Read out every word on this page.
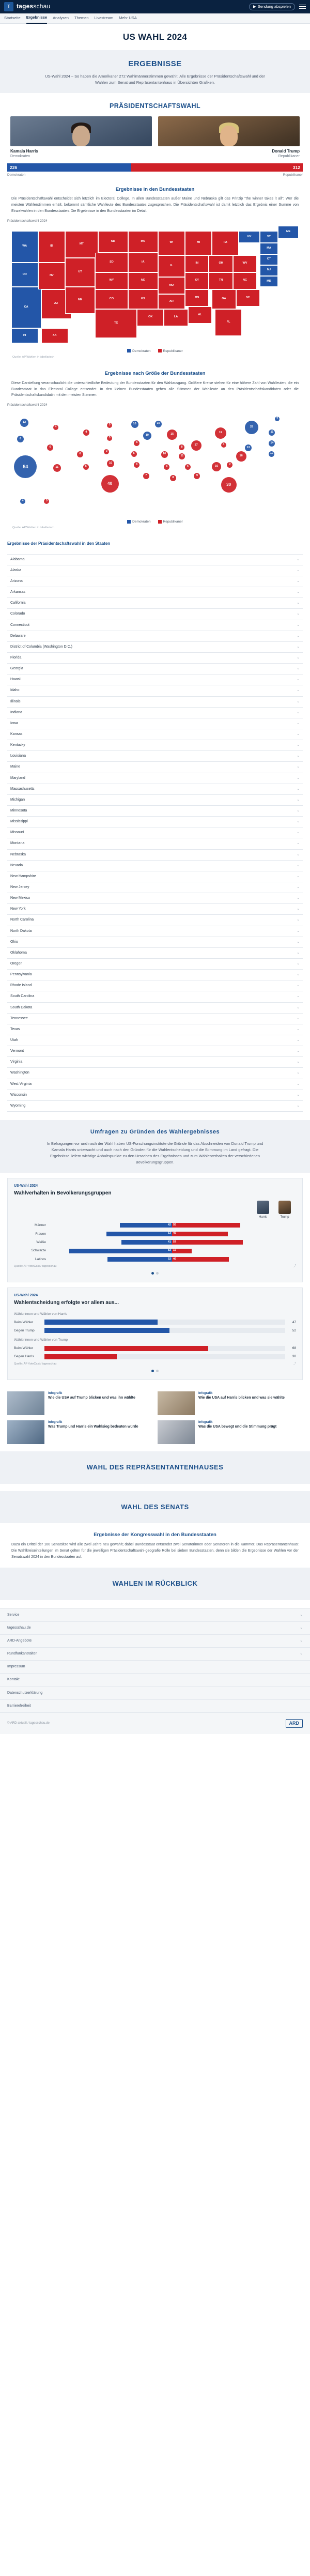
T	tagesschau	▶ Sendung abspielen
Startseite Ergebnisse Analysen Themen Livestream Mehr USA
US WAHL 2024
ERGEBNISSE

US-Wahl 2024 – So haben die Amerikaner 272 Wahlmännerstimmen gewählt. Alle Ergebnisse der Präsidentschaftswahl und der Wahlen zum Senat und Repräsentantenhaus in Übersichten Grafiken.

PRÄSIDENTSCHAFTSWAHL
Kamala Harris
Demokraten
Donald Trump
Republikaner
226	312
Demokraten	Republikaner
Ergebnisse in den Bundesstaaten
Die Präsidentschaftswahl entscheidet sich letztlich im Electoral College. In allen Bundesstaaten außer Maine und Nebraska gilt das Prinzip "the winner takes it all": Wer die meisten Wählerstimmen erhält, bekommt sämtliche Wahlleute des Bundesstaates zugesprochen. Die Präsidentschaftswahl ist damit letztlich das Ergebnis einer Summe von Einzelwahlen in den Bundesstaaten. Die Ergebnisse in den Bundesstaaten im Detail.
Präsidentschaftswahl 2024
WA
OR
CA
ID
NV
AZ
MT
UT
NM
ND
SD
WY
CO
TX
MN
IA
NE
KS
OK
WI
IL
MO
AR
LA
MI
IN
KY
MS
AL
OH
TN
GA
FL
PA
WV
NC
SC
NY	VT
ME
MA
CT
NJ
MD
HI	AK
Demokraten	Republikaner
Quelle: AP/Wahlen in tabellarisch
Ergebnisse nach Größe der Bundesstaaten
Diese Darstellung veranschaulicht die unterschiedliche Bedeutung der Bundesstaaten für den Wahlausgang. Größere Kreise stehen für eine höhere Zahl von Wahlleuten, die ein Bundesstaat in das Electoral College entsendet. In den kleinen Bundesstaaten gehen alle Stimmen der Wahlleute an den Präsidentschaftskandidaten oder die Präsidentschaftskandidatin mit den meisten Stimmen.
Präsidentschaftswahl 2024
54
40	30
28
19
17
15
16
16
19
4
4
12
8
6
11
6
5
3
3
3
10
10
6
5
6
7
10
6
8
11
6
9
10
8
4
13
9
11
14
10
4
4	3
Demokraten	Republikaner
Quelle: AP/Wahlen in tabellarisch
Ergebnisse der Präsidentschaftswahl in den Staaten
Alabama	⌄
Alaska	⌄
Arizona	⌄
Arkansas	⌄
California	⌄
Colorado	⌄
Connecticut	⌄
Delaware	⌄
District of Columbia (Washington D.C.)	⌄
Florida	⌄
Georgia	⌄
Hawaii	⌄
Idaho	⌄
Illinois	⌄
Indiana	⌄
Iowa	⌄
Kansas	⌄
Kentucky	⌄
Louisiana	⌄
Maine	⌄
Maryland	⌄
Massachusetts	⌄
Michigan	⌄
Minnesota	⌄
Mississippi	⌄
Missouri	⌄
Montana	⌄
Nebraska	⌄
Nevada	⌄
New Hampshire	⌄
New Jersey	⌄
New Mexico	⌄
New York	⌄
North Carolina	⌄
North Dakota	⌄
Ohio	⌄
Oklahoma	⌄
Oregon	⌄
Pennsylvania	⌄
Rhode Island	⌄
South Carolina	⌄
South Dakota	⌄
Tennessee	⌄
Texas	⌄
Utah	⌄
Vermont	⌄
Virginia	⌄
Washington	⌄
West Virginia	⌄
Wisconsin	⌄
Wyoming	⌄
Umfragen zu Gründen des Wahlergebnisses

In Befragungen vor und nach der Wahl haben US-Forschungsinstitute die Gründe für das Abschneiden von Donald Trump und Kamala Harris untersucht und auch nach den Gründen für die Wahlentscheidung und die Stimmung im Land gefragt. Die Ergebnisse liefern wichtige Anhaltspunkte zu den Ursachen des Ergebnisses und zum Wählerverhalten der verschiedenen Bevölkerungsgruppen.

US-Wahl 2024
Wahlverhalten in Bevölkerungsgruppen
Harris	Trump
Männer	42 55
Frauen	53 45
Weiße	41 57
Schwarze	83 16
Latinos	52 46
Quelle: AP VoteCast / tagesschau	⤴
US-Wahl 2024
Wahlentscheidung erfolgte vor allem aus...
Wählerinnen und Wähler von Harris
Beim Wähler	47
Gegen Trump	52
Wählerinnen und Wähler von Trump
Beim Wähler	68
Gegen Harris	30
Quelle: AP VoteCast / tagesschau	⤴
Infografik
Wie die USA auf Trump blicken und was ihn wählte
Infografik
Wie die USA auf Harris blicken und was sie wählte
Infografik
Was Trump und Harris ein Wahlsieg bedeuten würde
Infografik
Was die USA bewegt und die Stimmung prägt
WAHL DES REPRÄSENTANTENHAUSES
WAHL DES SENATS
Ergebnisse der Kongresswahl in den Bundesstaaten
Dazu ein Drittel der 100 Senatsitze wird alle zwei Jahre neu gewählt; dabei Bundesstaat entsendet zwei Senatorinnen oder Senatoren in die Kammer. Das Repräsentantenhaus: Die Wahlkreiseinteilungen im Senat gelten für die jeweiligen Präsidentschaftswahl-geografie Rolle bei sieben Bundesstaaten, denn sie bilden die Ergebnisse der Wahlen vor der Senatswahl 2024 in den Bundesstaaten auf.
WAHLEN IM RÜCKBLICK
Service	⌄
tagesschau.de	⌄
ARD-Angebote	⌄
Rundfunkanstalten	⌄
Impressum
Kontakt
Datenschutzerklärung
Barrierefreiheit
© ARD-aktuell / tagesschau.de	ARD
